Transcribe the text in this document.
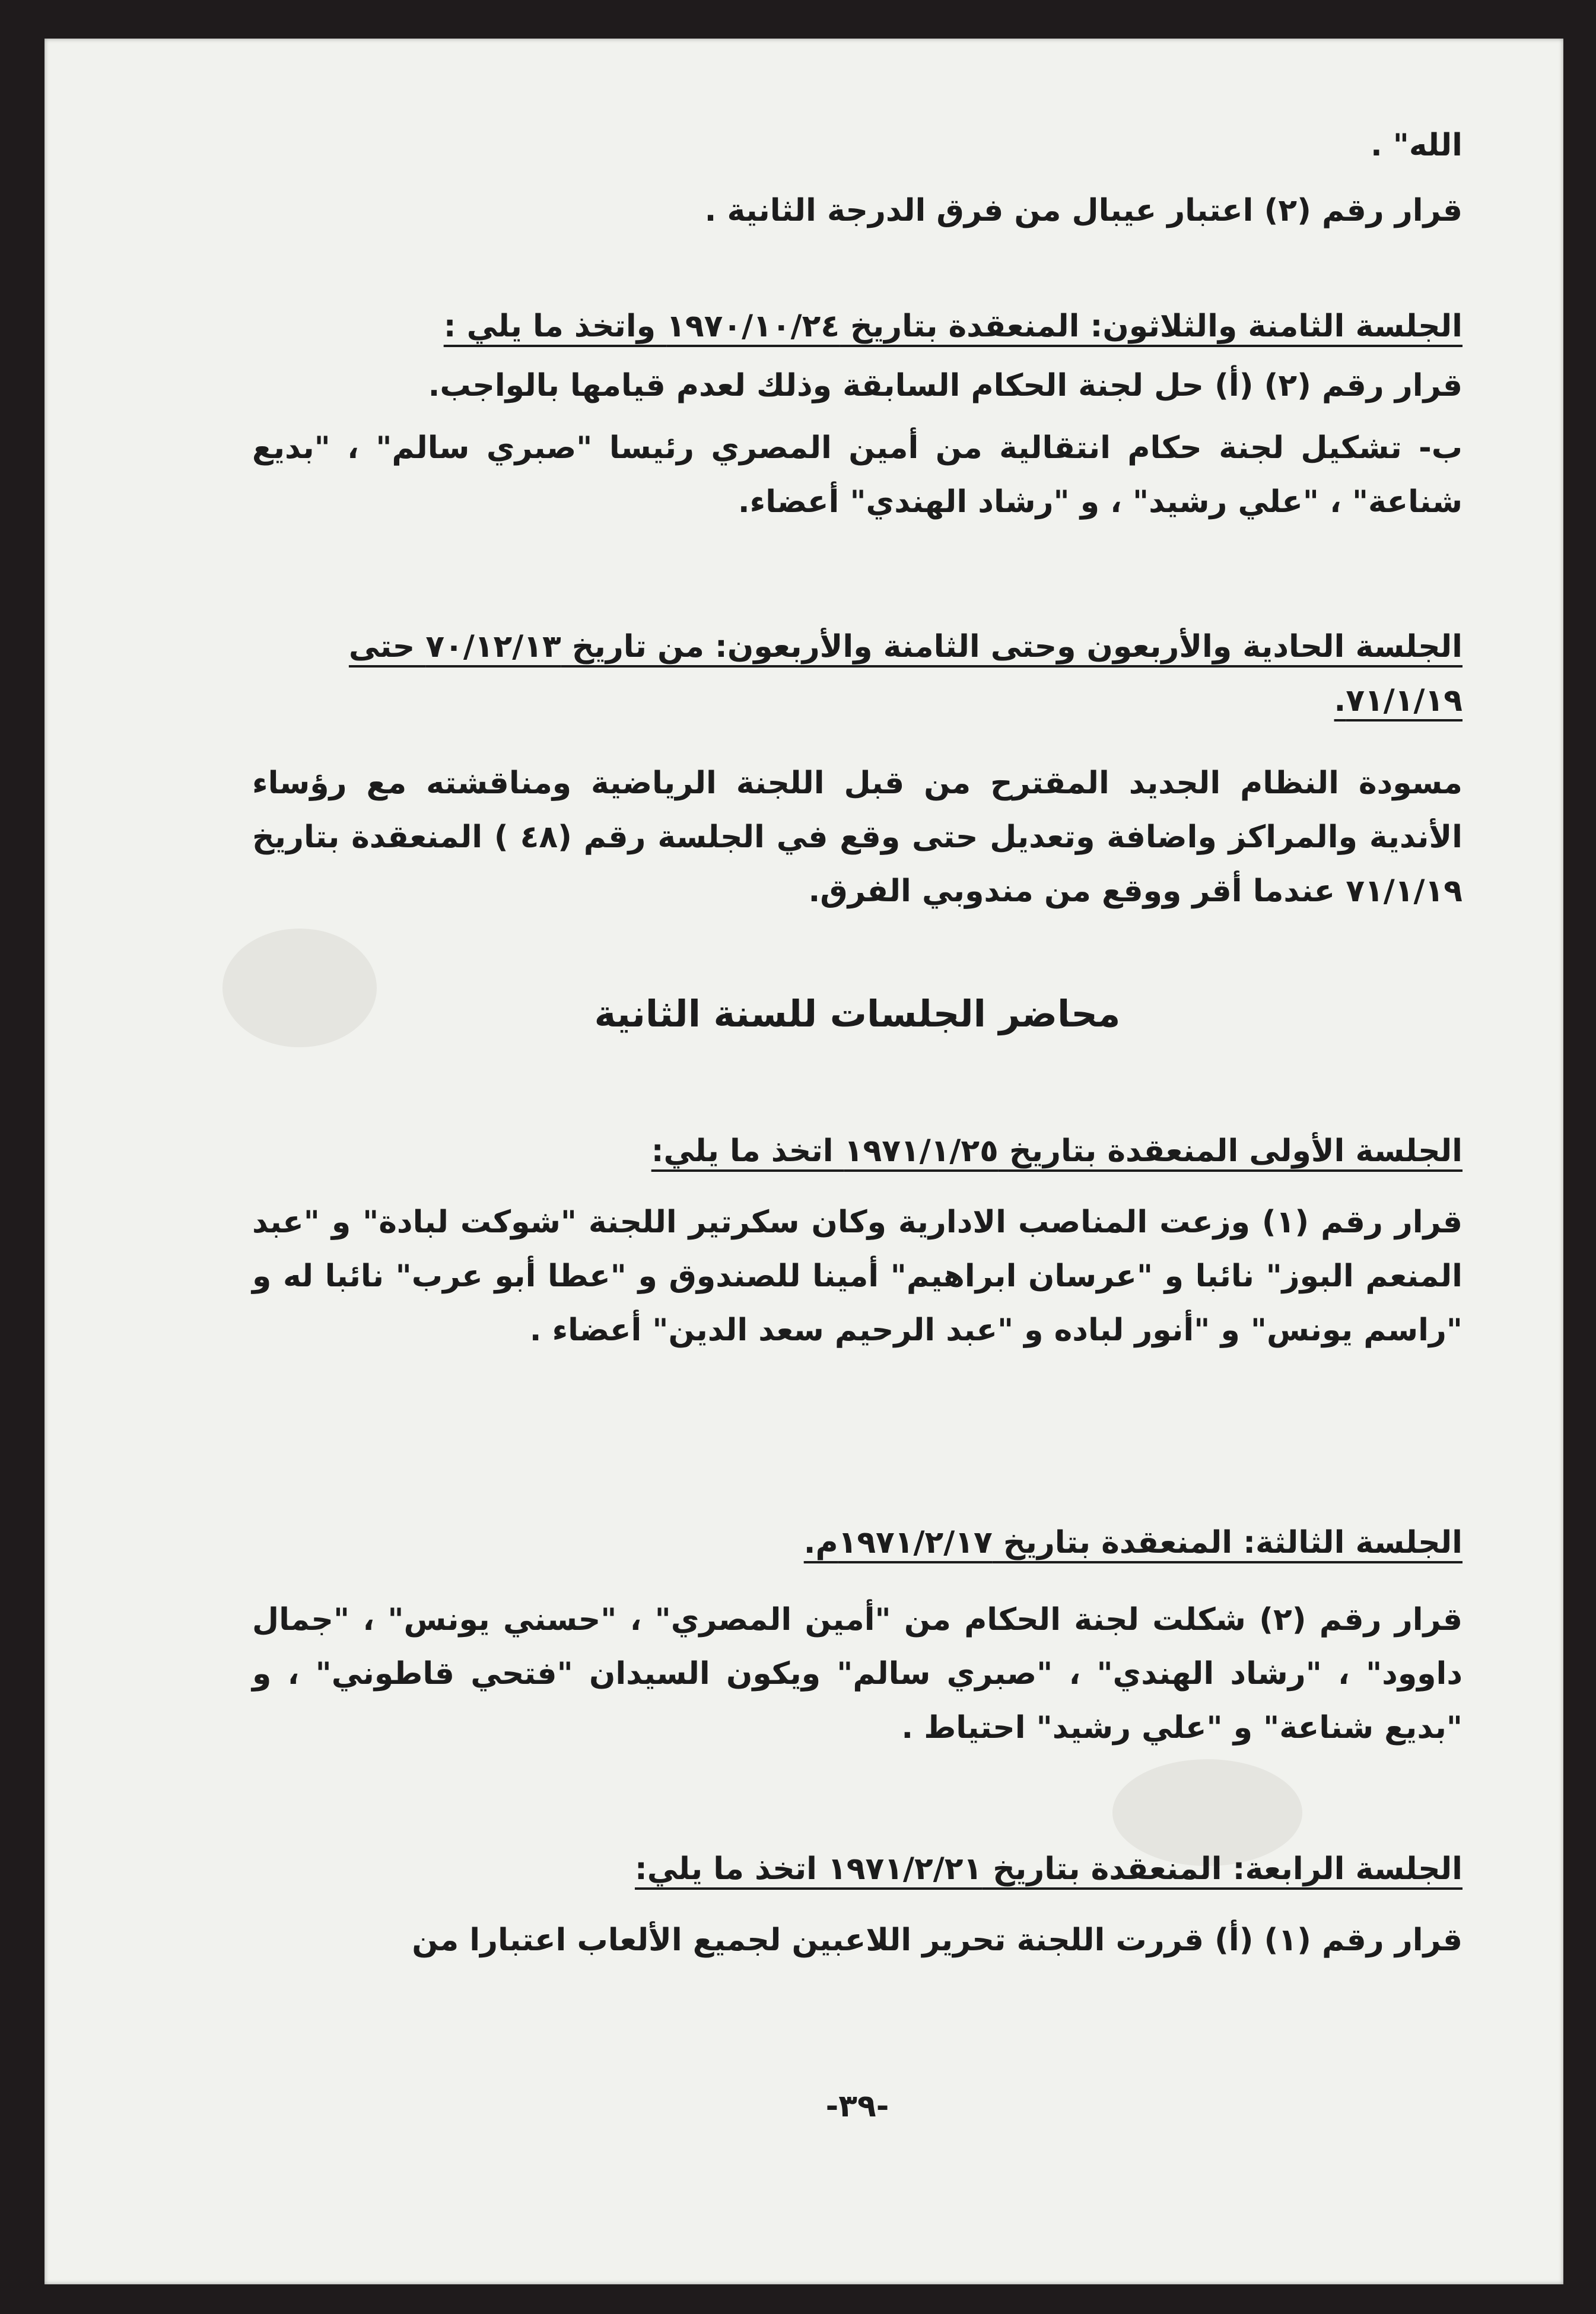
الله" .
قرار رقم (٢) اعتبار عيبال من فرق الدرجة الثانية .
الجلسة الثامنة والثلاثون: المنعقدة بتاريخ ١٩٧٠/١٠/٢٤ واتخذ ما يلي :
قرار رقم (٢) (أ) حل لجنة الحكام السابقة وذلك لعدم قيامها بالواجب.
ب- تشكيل لجنة حكام انتقالية من أمين المصري رئيسا "صبري سالم" ، "بديع شناعة" ، "علي رشيد" ، و "رشاد الهندي" أعضاء.
الجلسة الحادية والأربعون وحتى الثامنة والأربعون: من تاريخ ٧٠/١٢/١٣ حتى ٧١/١/١٩.
مسودة النظام الجديد المقترح من قبل اللجنة الرياضية ومناقشته مع رؤساء الأندية والمراكز واضافة وتعديل حتى وقع في الجلسة رقم (٤٨ ) المنعقدة بتاريخ ٧١/١/١٩ عندما أقر ووقع من مندوبي الفرق.
محاضر الجلسات للسنة الثانية
الجلسة الأولى المنعقدة بتاريخ ١٩٧١/١/٢٥ اتخذ ما يلي:
قرار رقم (١) وزعت المناصب الادارية وكان سكرتير اللجنة "شوكت لبادة" و "عبد المنعم البوز" نائبا و "عرسان ابراهيم" أمينا للصندوق و "عطا أبو عرب" نائبا له و "راسم يونس" و "أنور لباده و "عبد الرحيم سعد الدين" أعضاء .
الجلسة الثالثة: المنعقدة بتاريخ ١٩٧١/٢/١٧م.
قرار رقم (٢) شكلت لجنة الحكام من "أمين المصري" ، "حسني يونس" ، "جمال داوود" ، "رشاد الهندي" ، "صبري سالم" ويكون السيدان "فتحي قاطوني" ، و "بديع شناعة" و "علي رشيد" احتياط .
الجلسة الرابعة: المنعقدة بتاريخ ١٩٧١/٢/٢١ اتخذ ما يلي:
قرار رقم (١) (أ) قررت اللجنة تحرير اللاعبين لجميع الألعاب اعتبارا من
-٣٩-
